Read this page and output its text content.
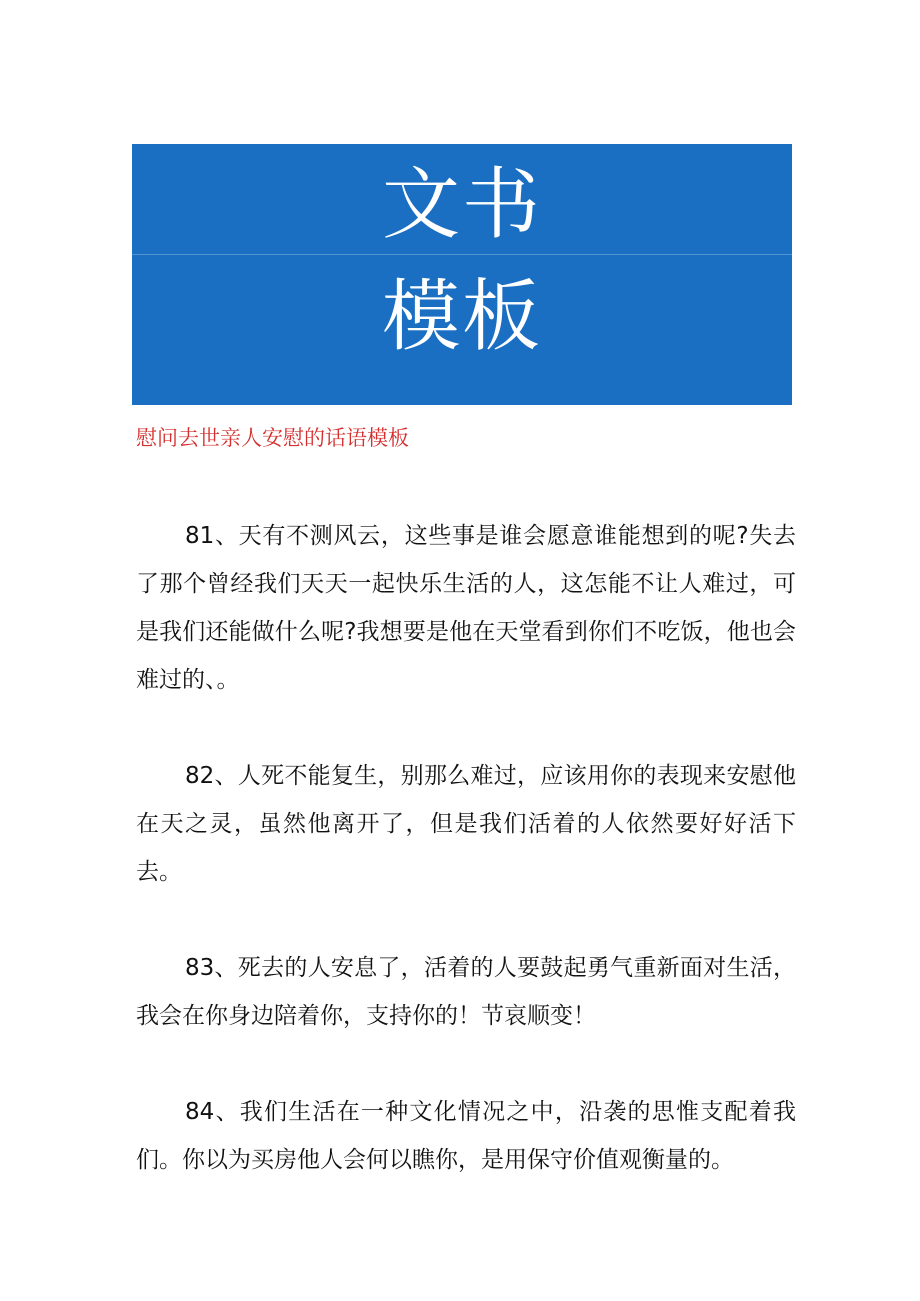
文书
模板
慰问去世亲人安慰的话语模板

81、天有不测风云，这些事是谁会愿意谁能想到的呢?失去了那个曾经我们天天一起快乐生活的人，这怎能不让人难过，可是我们还能做什么呢?我想要是他在天堂看到你们不吃饭，他也会难过的、。

82、人死不能复生，别那么难过，应该用你的表现来安慰他在天之灵，虽然他离开了，但是我们活着的人依然要好好活下去。

83、死去的人安息了，活着的人要鼓起勇气重新面对生活，我会在你身边陪着你，支持你的！节哀顺变！

84、我们生活在一种文化情况之中，沿袭的思惟支配着我们。你以为买房他人会何以瞧你，是用保守价值观衡量的。
